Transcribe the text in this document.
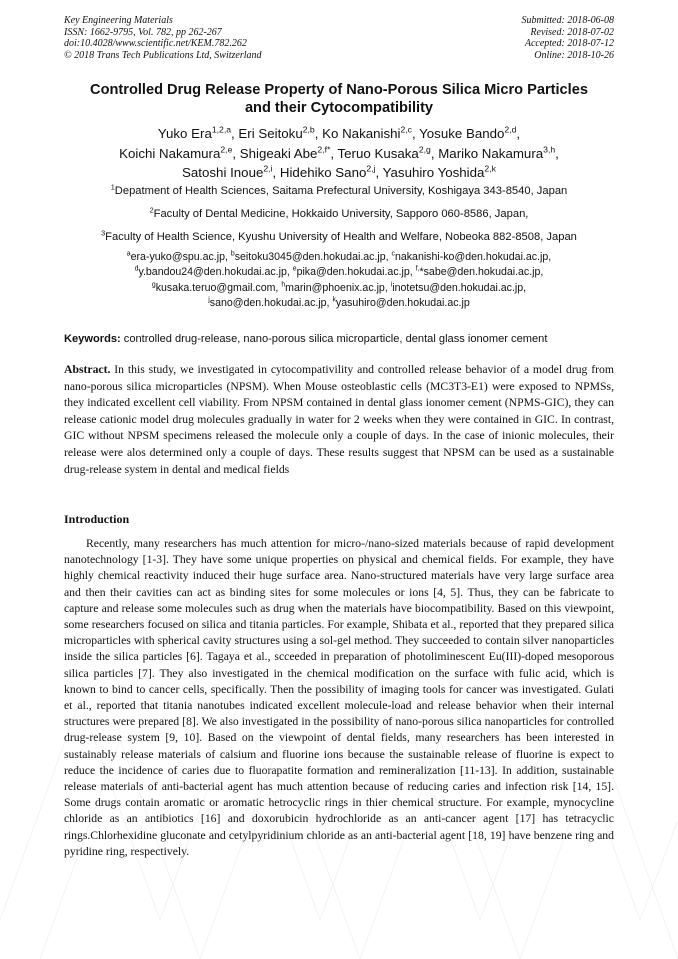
Key Engineering Materials
ISSN: 1662-9795, Vol. 782, pp 262-267
doi:10.4028/www.scientific.net/KEM.782.262
© 2018 Trans Tech Publications Ltd, Switzerland
Submitted: 2018-06-08
Revised: 2018-07-02
Accepted: 2018-07-12
Online: 2018-10-26
Controlled Drug Release Property of Nano-Porous Silica Micro Particles
and their Cytocompatibility
Yuko Era$^{1,2,a}$, Eri Seitoku$^{2,b}$, Ko Nakanishi$^{2,c}$, Yosuke Bando$^{2,d}$,
Koichi Nakamura$^{2,e}$, Shigeaki Abe$^{2,f*}$, Teruo Kusaka$^{2,g}$, Mariko Nakamura$^{3,h}$,
Satoshi Inoue$^{2,i}$, Hidehiko Sano$^{2,j}$, Yasuhiro Yoshida$^{2,k}$
$^1$Depatment of Health Sciences, Saitama Prefectural University, Koshigaya 343-8540, Japan
$^2$Faculty of Dental Medicine, Hokkaido University, Sapporo 060-8586, Japan,
$^3$Faculty of Health Science, Kyushu University of Health and Welfare, Nobeoka 882-8508, Japan
$^a$era-yuko@spu.ac.jp, $^b$seitoku3045@den.hokudai.ac.jp, $^c$nakanishi-ko@den.hokudai.ac.jp,
$^d$y.bandou24@den.hokudai.ac.jp, $^e$pika@den.hokudai.ac.jp, $^{f,}$*sabe@den.hokudai.ac.jp,
$^g$kusaka.teruo@gmail.com, $^h$marin@phoenix.ac.jp, $^i$inotetsu@den.hokudai.ac.jp,
$^j$sano@den.hokudai.ac.jp, $^k$yasuhiro@den.hokudai.ac.jp
Keywords: controlled drug-release, nano-porous silica microparticle, dental glass ionomer cement

Abstract. In this study, we investigated in cytocompativility and controlled release behavior of a model drug from nano-porous silica microparticles (NPSM). When Mouse osteoblastic cells (MC3T3-E1) were exposed to NPMSs, they indicated excellent cell viability. From NPSM contained in dental glass ionomer cement (NPMS-GIC), they can release cationic model drug molecules gradually in water for 2 weeks when they were contained in GIC. In contrast, GIC without NPSM specimens released the molecule only a couple of days. In the case of inionic molecules, their release were alos determined only a couple of days. These results suggest that NPSM can be used as a sustainable drug-release system in dental and medical fields

Introduction

Recently, many researchers has much attention for micro-/nano-sized materials because of rapid development nanotechnology [1-3]. They have some unique properties on physical and chemical fields. For example, they have highly chemical reactivity induced their huge surface area. Nano-structured materials have very large surface area and then their cavities can act as binding sites for some molecules or ions [4, 5]. Thus, they can be fabricate to capture and release some molecules such as drug when the materials have biocompatibility. Based on this viewpoint, some researchers focused on silica and titania particles. For example, Shibata et al., reported that they prepared silica microparticles with spherical cavity structures using a sol-gel method. They succeeded to contain silver nanoparticles inside the silica particles [6]. Tagaya et al., scceeded in preparation of photoliminescent Eu(III)-doped mesoporous silica particles [7]. They also investigated in the chemical modification on the surface with fulic acid, which is known to bind to cancer cells, specifically. Then the possibility of imaging tools for cancer was investigated. Gulati et al., reported that titania nanotubes indicated excellent molecule-load and release behavior when their internal structures were prepared [8]. We also investigated in the possibility of nano-porous silica nanoparticles for controlled drug-release system [9, 10]. Based on the viewpoint of dental fields, many researchers has been interested in sustainably release materials of calsium and fluorine ions because the sustainable release of fluorine is expect to reduce the incidence of caries due to fluorapatite formation and remineralization [11-13]. In addition, sustainable release materials of anti-bacterial agent has much attention because of reducing caries and infection risk [14, 15]. Some drugs contain aromatic or aromatic hetrocyclic rings in thier chemical structure. For example, mynocycline chloride as an antibiotics [16] and doxorubicin hydrochloride as an anti-cancer agent [17] has tetracyclic rings.Chlorhexidine gluconate and cetylpyridinium chloride as an anti-bacterial agent [18, 19] have benzene ring and pyridine ring, respectively.
